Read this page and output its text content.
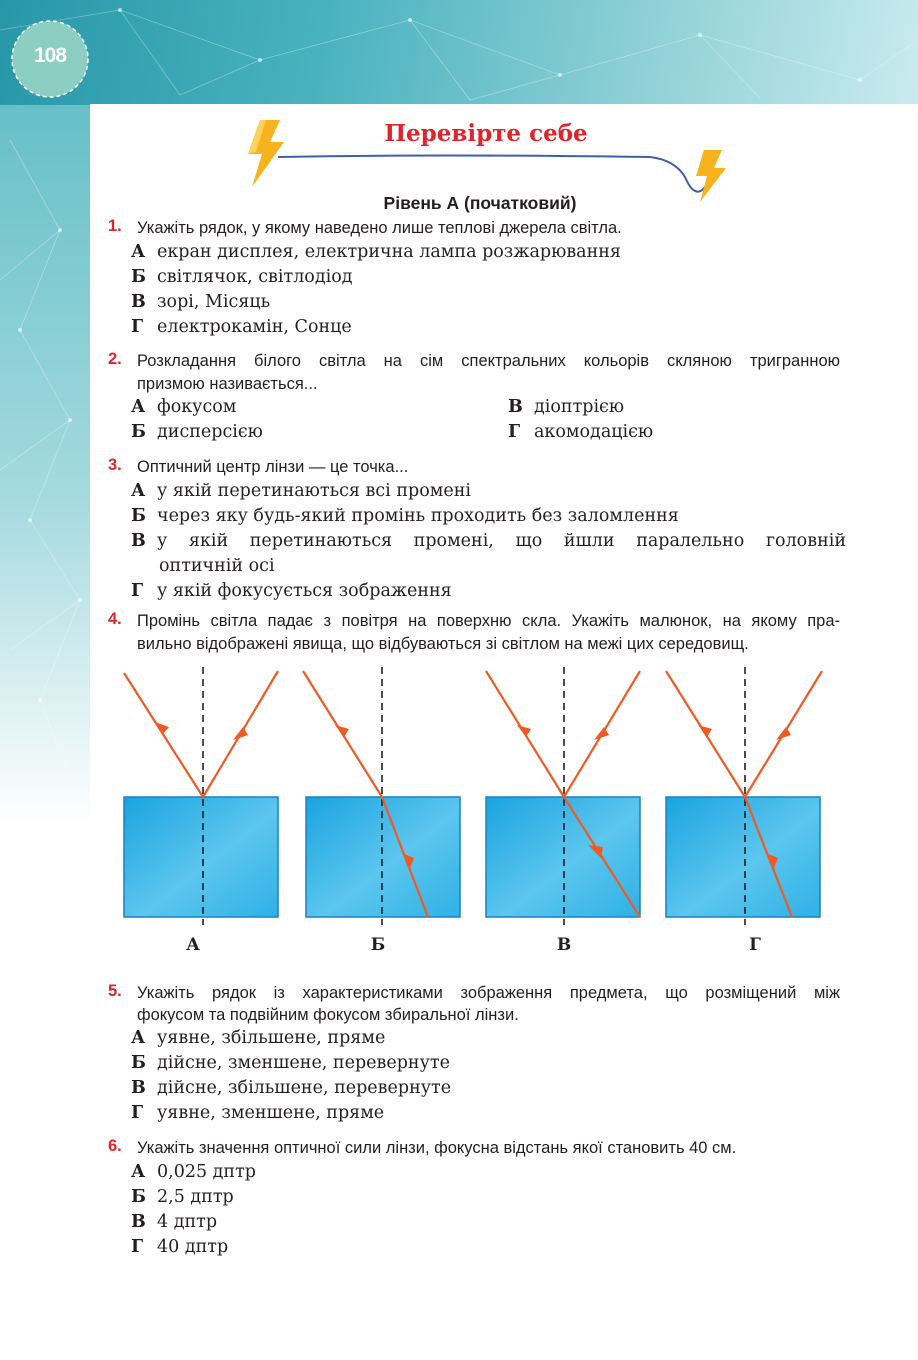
108
Перевірте себе
Рівень А (початковий)
1. Укажіть рядок, у якому наведено лише теплові джерела світла.
А екран дисплея, електрична лампа розжарювання
Б світлячок, світлодіод
В зорі, Місяць
Г електрокамін, Сонце
2. Розкладання білого світла на сім спектральних кольорів скляною тригранною
призмою називається...
А фокусом
Б дисперсією
В діоптрією
Г акомодацією
3. Оптичний центр лінзи — це точка...
А у якій перетинаються всі промені
Б через яку будь-який промінь проходить без заломлення
В у якій перетинаються промені, що йшли паралельно головній
оптичній осі
Г у якій фокусується зображення
4. Промінь світла падає з повітря на поверхню скла. Укажіть малюнок, на якому пра-
вильно відображені явища, що відбуваються зі світлом на межі цих середовищ.
А	Б	В	Г
5. Укажіть рядок із характеристиками зображення предмета, що розміщений між
фокусом та подвійним фокусом збиральної лінзи.
А уявне, збільшене, пряме
Б дійсне, зменшене, перевернуте
В дійсне, збільшене, перевернуте
Г уявне, зменшене, пряме
6. Укажіть значення оптичної сили лінзи, фокусна відстань якої становить 40 см.
А 0,025 дптр
Б 2,5 дптр
В 4 дптр
Г 40 дптр
